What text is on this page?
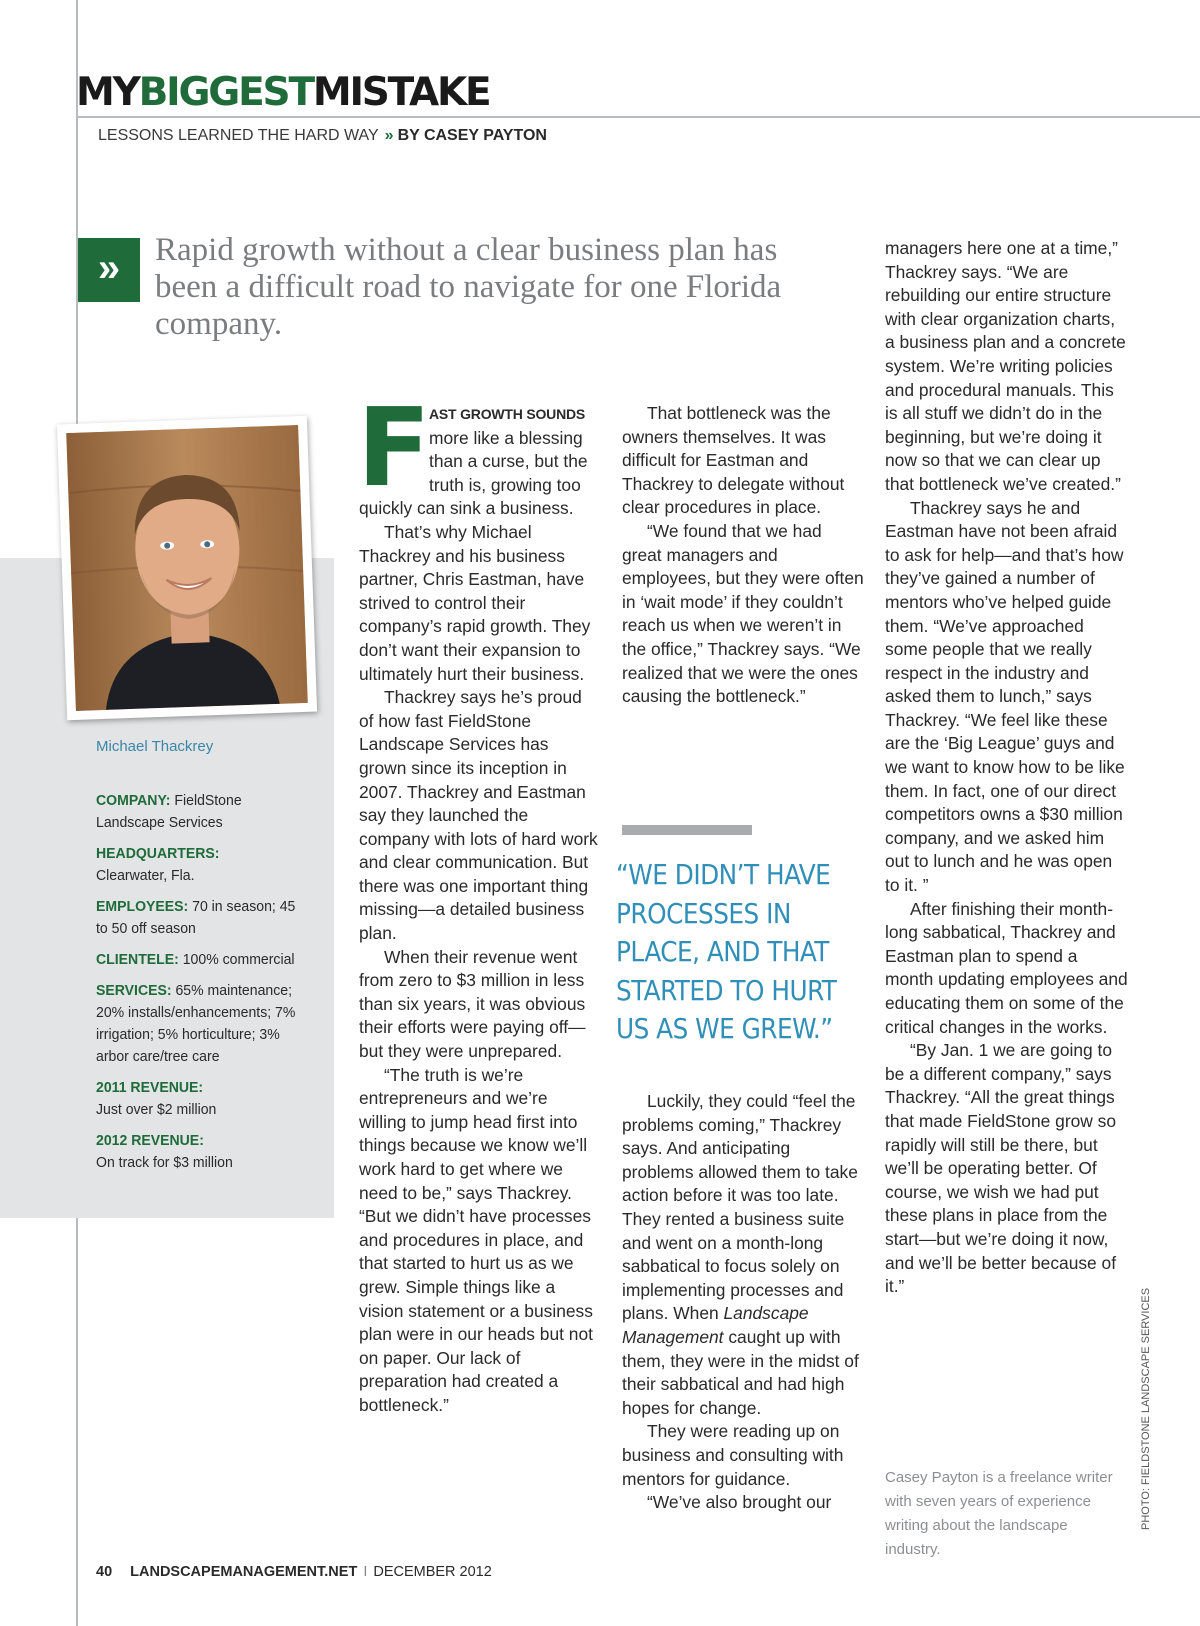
MYBIGGESTMISTAKE
LESSONS LEARNED THE HARD WAY » BY CASEY PAYTON
»	Rapid growth without a clear business plan has been a difficult road to navigate for one Florida company.
Michael Thackrey
COMPANY: FieldStone Landscape Services
HEADQUARTERS:
Clearwater, Fla.
EMPLOYEES: 70 in season; 45 to 50 off season
CLIENTELE: 100% commercial
SERVICES: 65% maintenance; 20% installs/enhancements; 7% irrigation; 5% horticulture; 3% arbor care/tree care
2011 REVENUE:
Just over $2 million
2012 REVENUE:
On track for $3 million

F
AST GROWTH SOUNDS more like a blessing than a curse, but the truth is, growing too quickly can sink a business.

That’s why Michael Thackrey and his business partner, Chris Eastman, have strived to control their company’s rapid growth. They don’t want their expansion to ultimately hurt their business.

Thackrey says he’s proud of how fast FieldStone Landscape Services has grown since its inception in 2007. Thackrey and Eastman say they launched the company with lots of hard work and clear communication. But there was one important thing missing—a detailed business plan.

When their revenue went from zero to $3 million in less than six years, it was obvious their efforts were paying off—but they were unprepared.

“The truth is we’re entrepreneurs and we’re willing to jump head first into things because we know we’ll work hard to get where we need to be,” says Thackrey. “But we didn’t have processes and procedures in place, and that started to hurt us as we grew. Simple things like a vision statement or a business plan were in our heads but not on paper. Our lack of preparation had created a bottleneck.”

That bottleneck was the owners themselves. It was difficult for Eastman and Thackrey to delegate without clear procedures in place.

“We found that we had great managers and employees, but they were often in ‘wait mode’ if they couldn’t reach us when we weren’t in the office,” Thackrey says. “We realized that we were the ones causing the bottleneck.”

“WE DIDN’T HAVE PROCESSES IN PLACE, AND THAT STARTED TO HURT US AS WE GREW.”

Luckily, they could “feel the problems coming,” Thackrey says. And anticipating problems allowed them to take action before it was too late. They rented a business suite and went on a month-long sabbatical to focus solely on implementing processes and plans. When Landscape Management caught up with them, they were in the midst of their sabbatical and had high hopes for change.

They were reading up on business and consulting with mentors for guidance.

“We’ve also brought our

managers here one at a time,” Thackrey says. “We are rebuilding our entire structure with clear organization charts, a business plan and a concrete system. We’re writing policies and procedural manuals. This is all stuff we didn’t do in the beginning, but we’re doing it now so that we can clear up that bottleneck we’ve created.”

Thackrey says he and Eastman have not been afraid to ask for help—and that’s how they’ve gained a number of mentors who’ve helped guide them. “We’ve approached some people that we really respect in the industry and asked them to lunch,” says Thackrey. “We feel like these are the ‘Big League’ guys and we want to know how to be like them. In fact, one of our direct competitors owns a $30 million company, and we asked him out to lunch and he was open to it. ”

After finishing their month-long sabbatical, Thackrey and Eastman plan to spend a month updating employees and educating them on some of the critical changes in the works.

“By Jan. 1 we are going to be a different company,” says Thackrey. “All the great things that made FieldStone grow so rapidly will still be there, but we’ll be operating better. Of course, we wish we had put these plans in place from the start—but we’re doing it now, and we’ll be better because of it.”

Casey Payton is a freelance writer with seven years of experience writing about the landscape industry.
PHOTO: FIELDSTONE LANDSCAPE SERVICES
40 LANDSCAPEMANAGEMENT.NET I DECEMBER 2012
